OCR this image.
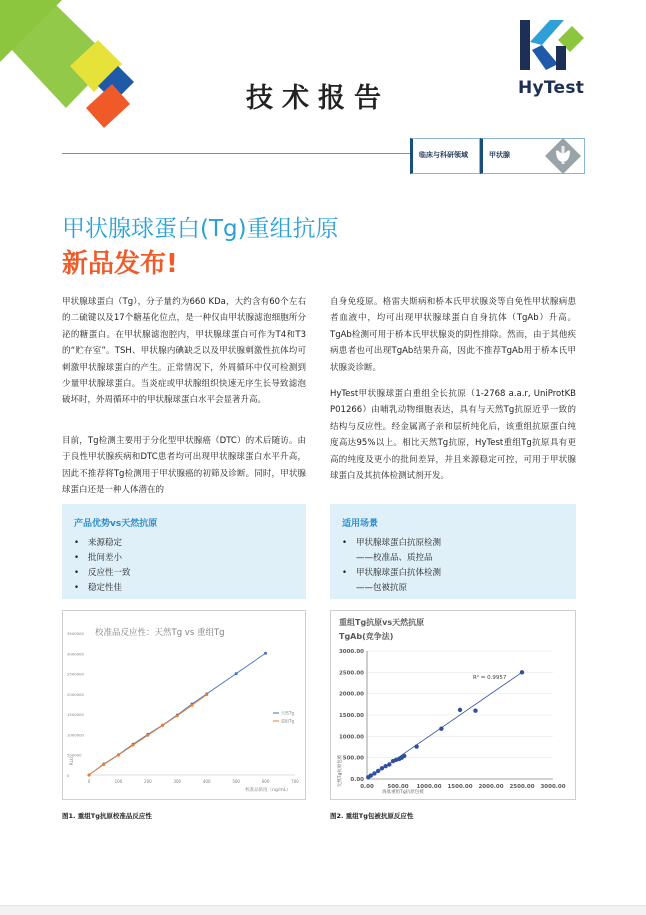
HyTest
技术报告
临床与科研领域	甲状腺
甲状腺球蛋白(Tg)重组抗原
新品发布!

甲状腺球蛋白（Tg），分子量约为660 KDa，大约含有60个左右的二硫键以及17个糖基化位点，是一种仅由甲状腺滤泡细胞所分泌的糖蛋白。在甲状腺滤泡腔内，甲状腺球蛋白可作为T4和T3的“贮存室”。TSH、甲状腺内碘缺乏以及甲状腺刺激性抗体均可刺激甲状腺球蛋白的产生。正常情况下，外周循环中仅可检测到少量甲状腺球蛋白。当炎症或甲状腺组织快速无序生长导致滤泡破坏时，外周循环中的甲状腺球蛋白水平会显著升高。

目前，Tg检测主要用于分化型甲状腺癌（DTC）的术后随访。由于良性甲状腺疾病和DTC患者均可出现甲状腺球蛋白水平升高，因此不推荐将Tg检测用于甲状腺癌的初筛及诊断。同时，甲状腺球蛋白还是一种人体潜在的

自身免疫原。格雷夫斯病和桥本氏甲状腺炎等自免性甲状腺病患者血液中，均可出现甲状腺球蛋白自身抗体（TgAb）升高。TgAb检测可用于桥本氏甲状腺炎的阴性排除。然而，由于其他疾病患者也可出现TgAb结果升高，因此不推荐TgAb用于桥本氏甲状腺炎诊断。

HyTest甲状腺球蛋白重组全长抗原（1-2768 a.a.r, UniProtKB P01266）由哺乳动物细胞表达，具有与天然Tg抗原近乎一致的结构与反应性。经金属离子亲和层析纯化后，该重组抗原蛋白纯度高达95%以上。相比天然Tg抗原，HyTest重组Tg抗原具有更高的纯度及更小的批间差异，并且来源稳定可控，可用于甲状腺球蛋白及其抗体检测试剂开发。

产品优势vs天然抗原
• 来源稳定
• 批间差小
• 反应性一致
• 稳定性佳
适用场景
• 甲状腺球蛋白抗原检测
——校准品、质控品
• 甲状腺球蛋白抗体检测
——包被抗原
校准品反应性：天然Tg vs 重组Tg
0
500000
1000000
1500000
2000000
2500000
3000000
3500000
0	100	200	300	400	500	600	700
校准品浓度（ng/mL）
RLU
天然Tg
重组Tg
重组Tg抗原vs天然抗原
TgAb(竞争法)
0.00
500.00
1000.00
1500.00
2000.00
2500.00
3000.00
0.00 500.00 1000.00 1500.00 2000.00 2500.00 3000.00
海肽重组Tg抗原包被
天然Tg抗原包被
R² = 0.9957
图1. 重组Tg抗原校准品反应性	图2. 重组Tg包被抗原反应性
